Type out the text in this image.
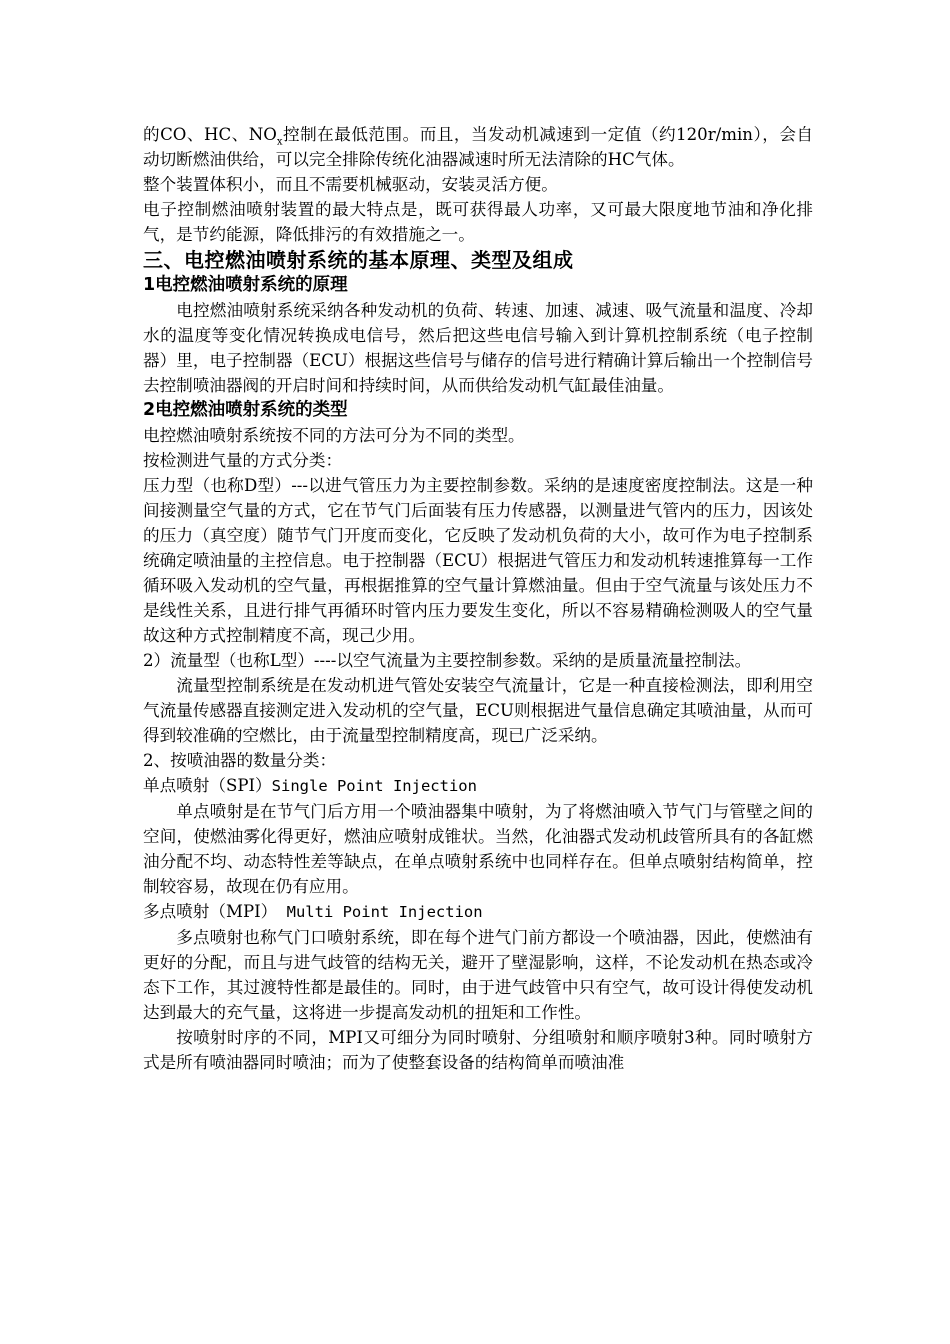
的CO、HC、$NO_x$控制在最低范围。而且，当发动机减速到一定值（约120r/min），会自动切断燃油供给，可以完全排除传统化油器减速时所无法清除的HC气体。

整个装置体积小，而且不需要机械驱动，安装灵活方便。

电子控制燃油喷射装置的最大特点是，既可获得最人功率，又可最大限度地节油和净化排气，是节约能源，降低排污的有效措施之一。

三、电控燃油喷射系统的基本原理、类型及组成
1电控燃油喷射系统的原理

电控燃油喷射系统采纳各种发动机的负荷、转速、加速、减速、吸气流量和温度、冷却水的温度等变化情况转换成电信号，然后把这些电信号输入到计算机控制系统（电子控制器）里，电子控制器（ECU）根据这些信号与储存的信号进行精确计算后输出一个控制信号去控制喷油器阀的开启时间和持续时间，从而供给发动机气缸最佳油量。

2电控燃油喷射系统的类型

电控燃油喷射系统按不同的方法可分为不同的类型。

按检测进气量的方式分类：

压力型（也称D型）---以进气管压力为主要控制参数。采纳的是速度密度控制法。这是一种间接测量空气量的方式，它在节气门后面装有压力传感器，以测量进气管内的压力，因该处的压力（真空度）随节气门开度而变化，它反映了发动机负荷的大小，故可作为电子控制系统确定喷油量的主控信息。电于控制器（ECU）根据进气管压力和发动机转速推算每一工作循环吸入发动机的空气量，再根据推算的空气量计算燃油量。但由于空气流量与该处压力不是线性关系，且进行排气再循环时管内压力要发生变化，所以不容易精确检测吸人的空气量故这种方式控制精度不高，现己少用。

2）流量型（也称L型）----以空气流量为主要控制参数。采纳的是质量流量控制法。

流量型控制系统是在发动机进气管处安装空气流量计，它是一种直接检测法，即利用空气流量传感器直接测定进入发动机的空气量，ECU则根据进气量信息确定其喷油量，从而可得到较准确的空燃比，由于流量型控制精度高，现已广泛采纳。

2、按喷油器的数量分类：

单点喷射（SPI）Single Point Injection

单点喷射是在节气门后方用一个喷油器集中喷射，为了将燃油喷入节气门与管壁之间的空间，使燃油雾化得更好，燃油应喷射成锥状。当然，化油器式发动机歧管所具有的各缸燃油分配不均、动态特性差等缺点，在单点喷射系统中也同样存在。但单点喷射结构简单，控制较容易，故现在仍有应用。

多点喷射（MPI） Multi Point Injection

多点喷射也称气门口喷射系统，即在每个进气门前方都设一个喷油器，因此，使燃油有更好的分配，而且与进气歧管的结构无关，避开了壁湿影响，这样，不论发动机在热态或冷态下工作，其过渡特性都是最佳的。同时，由于进气歧管中只有空气，故可设计得使发动机达到最大的充气量，这将进一步提高发动机的扭矩和工作性。

按喷射时序的不同，MPI又可细分为同时喷射、分组喷射和顺序喷射3种。同时喷射方式是所有喷油器同时喷油；而为了使整套设备的结构简单而喷油准
